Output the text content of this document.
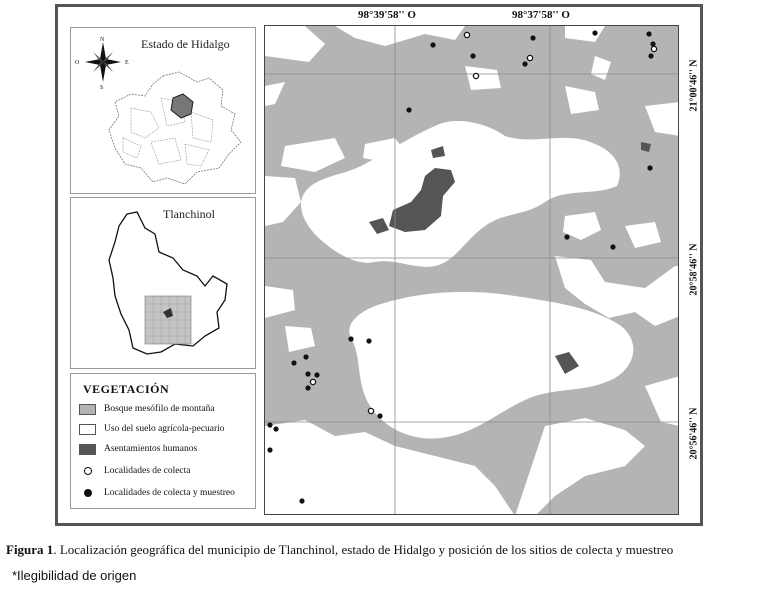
Estado de Hidalgo
N
S
O	E
Tlanchinol
VEGETACIÓN
Bosque mesófilo de montaña
Uso del suelo agrícola-pecuario
Asentamientos humanos
Localidades de colecta
Localidades de colecta y muestreo
98°39'58'' O	98°37'58'' O
21°00'46'' N
20°58'46'' N
20°56'46'' N
Figura 1. Localización geográfica del municipio de Tlanchinol, estado de Hidalgo y posición de los sitios de colecta y muestreo
*Ilegibilidad de origen
